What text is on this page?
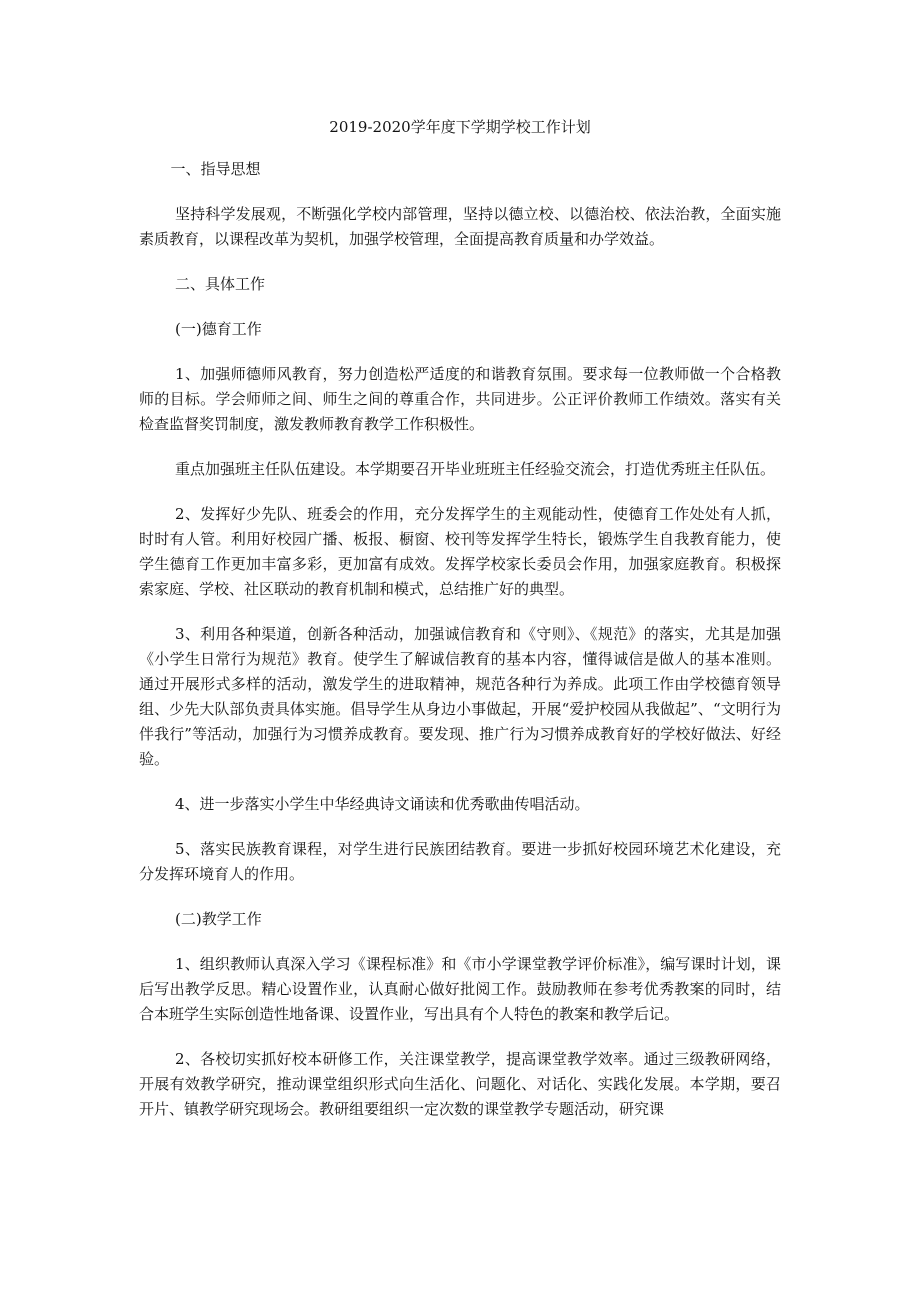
2019-2020学年度下学期学校工作计划

一、指导思想

坚持科学发展观，不断强化学校内部管理，坚持以德立校、以德治校、依法治教，全面实施素质教育，以课程改革为契机，加强学校管理，全面提高教育质量和办学效益。

二、具体工作

(一)德育工作

1、加强师德师风教育，努力创造松严适度的和谐教育氛围。要求每一位教师做一个合格教师的目标。学会师师之间、师生之间的尊重合作，共同进步。公正评价教师工作绩效。落实有关检查监督奖罚制度，激发教师教育教学工作积极性。

重点加强班主任队伍建设。本学期要召开毕业班班主任经验交流会，打造优秀班主任队伍。

2、发挥好少先队、班委会的作用，充分发挥学生的主观能动性，使德育工作处处有人抓，时时有人管。利用好校园广播、板报、橱窗、校刊等发挥学生特长，锻炼学生自我教育能力，使学生德育工作更加丰富多彩，更加富有成效。发挥学校家长委员会作用，加强家庭教育。积极探索家庭、学校、社区联动的教育机制和模式，总结推广好的典型。

3、利用各种渠道，创新各种活动，加强诚信教育和《守则》、《规范》的落实，尤其是加强《小学生日常行为规范》教育。使学生了解诚信教育的基本内容，懂得诚信是做人的基本准则。通过开展形式多样的活动，激发学生的进取精神，规范各种行为养成。此项工作由学校德育领导组、少先大队部负责具体实施。倡导学生从身边小事做起，开展“爱护校园从我做起”、“文明行为伴我行”等活动，加强行为习惯养成教育。要发现、推广行为习惯养成教育好的学校好做法、好经验。

4、进一步落实小学生中华经典诗文诵读和优秀歌曲传唱活动。

5、落实民族教育课程，对学生进行民族团结教育。要进一步抓好校园环境艺术化建设，充分发挥环境育人的作用。

(二)教学工作

1、组织教师认真深入学习《课程标准》和《市小学课堂教学评价标准》，编写课时计划，课后写出教学反思。精心设置作业，认真耐心做好批阅工作。鼓励教师在参考优秀教案的同时，结合本班学生实际创造性地备课、设置作业，写出具有个人特色的教案和教学后记。

2、各校切实抓好校本研修工作，关注课堂教学，提高课堂教学效率。通过三级教研网络，开展有效教学研究，推动课堂组织形式向生活化、问题化、对话化、实践化发展。本学期，要召开片、镇教学研究现场会。教研组要组织一定次数的课堂教学专题活动，研究课
